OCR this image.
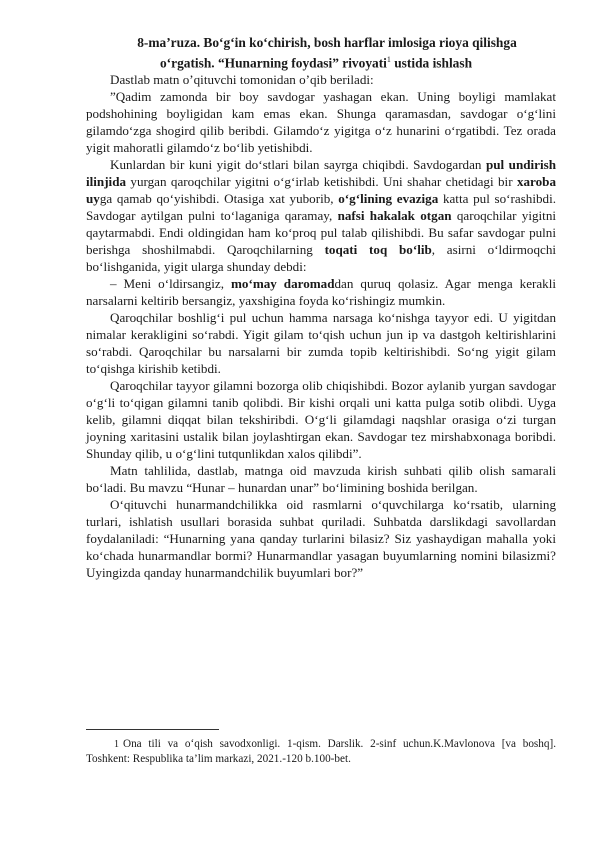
8-ma’ruza. Bo‘g‘in ko‘chirish, bosh harflar imlosiga rioya qilishga
o‘rgatish. “Hunarning foydasi” rivoyati$^1$ ustida ishlash

Dastlab matn o’qituvchi tomonidan o’qib beriladi:

”Qadim zamonda bir boy savdogar yashagan ekan. Uning boyligi mamlakat podshohining boyligidan kam emas ekan. Shunga qaramasdan, savdogar o‘g‘lini gilamdo‘zga shogird qilib beribdi. Gilamdo‘z yigitga o‘z hunarini o‘rgatibdi. Tez orada yigit mahoratli gilamdo‘z bo‘lib yetishibdi.

Kunlardan bir kuni yigit do‘stlari bilan sayrga chiqibdi. Savdogardan pul undirish ilinjida yurgan qaroqchilar yigitni o‘g‘irlab ketishibdi. Uni shahar chetidagi bir xaroba uyga qamab qo‘yishibdi. Otasiga xat yuborib, o‘g‘lining evaziga katta pul so‘rashibdi. Savdogar aytilgan pulni to‘laganiga qaramay, nafsi hakalak otgan qaroqchilar yigitni qaytarmabdi. Endi oldingidan ham ko‘proq pul talab qilishibdi. Bu safar savdogar pulni berishga shoshilmabdi. Qaroqchilarning toqati toq bo‘lib, asirni o‘ldirmoqchi bo‘lishganida, yigit ularga shunday debdi:

– Meni o‘ldirsangiz, mo‘may daromaddan quruq qolasiz. Agar menga kerakli narsalarni keltirib bersangiz, yaxshigina foyda ko‘rishingiz mumkin.

Qaroqchilar boshlig‘i pul uchun hamma narsaga ko‘nishga tayyor edi. U yigitdan nimalar kerakligini so‘rabdi. Yigit gilam to‘qish uchun jun ip va dastgoh keltirishlarini so‘rabdi. Qaroqchilar bu narsalarni bir zumda topib keltirishibdi. So‘ng yigit gilam to‘qishga kirishib ketibdi.

Qaroqchilar tayyor gilamni bozorga olib chiqishibdi. Bozor aylanib yurgan savdogar o‘g‘li to‘qigan gilamni tanib qolibdi. Bir kishi orqali uni katta pulga sotib olibdi. Uyga kelib, gilamni diqqat bilan tekshiribdi. O‘g‘li gilamdagi naqshlar orasiga o‘zi turgan joyning xaritasini ustalik bilan joylashtirgan ekan. Savdogar tez mirshabxonaga boribdi. Shunday qilib, u o‘g‘lini tutqunlikdan xalos qilibdi”.

Matn tahlilida, dastlab, matnga oid mavzuda kirish suhbati qilib olish samarali bo‘ladi. Bu mavzu “Hunar – hunardan unar” bo‘limining boshida berilgan.

O‘qituvchi hunarmandchilikka oid rasmlarni o‘quvchilarga ko‘rsatib, ularning turlari, ishlatish usullari borasida suhbat quriladi. Suhbatda darslikdagi savollardan foydalaniladi: “Hunarning yana qanday turlarini bilasiz? Siz yashaydigan mahalla yoki ko‘chada hunarmandlar bormi? Hunarmandlar yasagan buyumlarning nomini bilasizmi? Uyingizda qanday hunarmandchilik buyumlari bor?”

1 Ona tili va o‘qish savodxonligi. 1-qism. Darslik. 2-sinf uchun.K.Mavlonova [va boshq]. Toshkent: Respublika ta’lim markazi, 2021.-120 b.100-bet.
